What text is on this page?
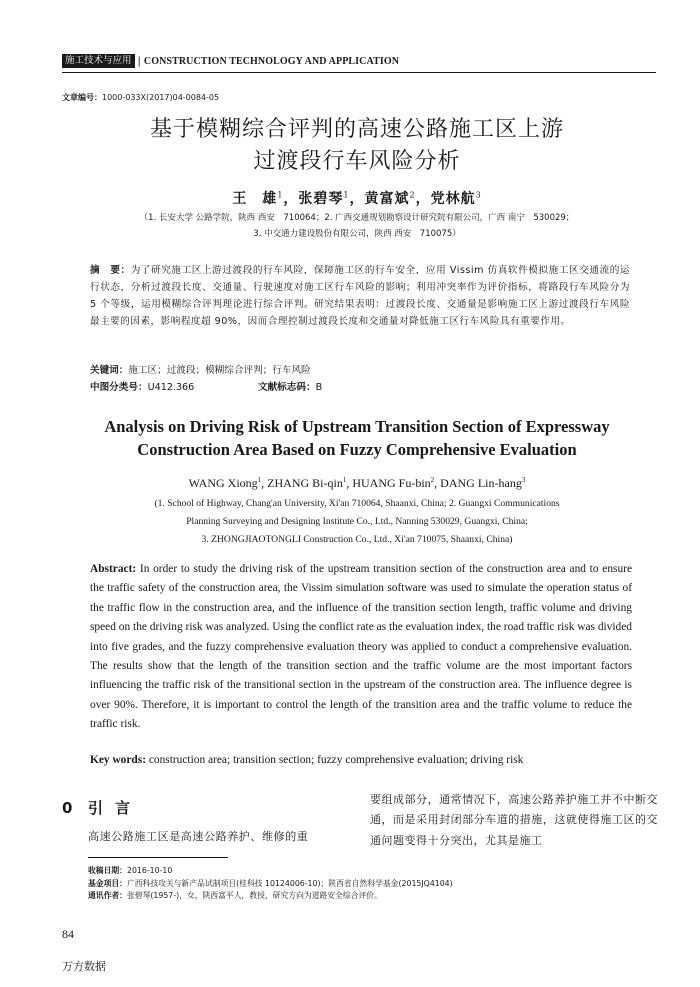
施工技术与应用 | CONSTRUCTION TECHNOLOGY AND APPLICATION
文章编号：1000-033X(2017)04-0084-05
基于模糊综合评判的高速公路施工区上游
过渡段行车风险分析
王　雄$^1$，张碧琴$^1$，黄富斌$^2$，党林航$^3$
（1. 长安大学 公路学院，陕西 西安　710064；2. 广西交通规划勘察设计研究院有限公司，广西 南宁　530029；
3. 中交通力建设股份有限公司，陕西 西安　710075）
摘　要：为了研究施工区上游过渡段的行车风险，保障施工区的行车安全，应用 Vissim 仿真软件模拟施工区交通流的运行状态，分析过渡段长度、交通量、行驶速度对施工区行车风险的影响；利用冲突率作为评价指标，将路段行车风险分为 5 个等级，运用模糊综合评判理论进行综合评判。研究结果表明：过渡段长度、交通量是影响施工区上游过渡段行车风险最主要的因素，影响程度超 90%，因而合理控制过渡段长度和交通量对降低施工区行车风险具有重要作用。
关键词：施工区；过渡段；模糊综合评判；行车风险
中图分类号：U412.366	文献标志码：B
Analysis on Driving Risk of Upstream Transition Section of Expressway
Construction Area Based on Fuzzy Comprehensive Evaluation
WANG Xiong$^1$, ZHANG Bi-qin$^1$, HUANG Fu-bin$^2$, DANG Lin-hang$^3$
(1. School of Highway, Chang'an University, Xi'an 710064, Shaanxi, China; 2. Guangxi Communications
Planning Surveying and Designing Institute Co., Ltd., Nanning 530029, Guangxi, China;
3. ZHONGJIAOTONGLI Construction Co., Ltd., Xi'an 710075, Shaanxi, China)
Abstract: In order to study the driving risk of the upstream transition section of the construction area and to ensure the traffic safety of the construction area, the Vissim simulation software was used to simulate the operation status of the traffic flow in the construction area, and the influence of the transition section length, traffic volume and driving speed on the driving risk was analyzed. Using the conflict rate as the evaluation index, the road traffic risk was divided into five grades, and the fuzzy comprehensive evaluation theory was applied to conduct a comprehensive evaluation. The results show that the length of the transition section and the traffic volume are the most important factors influencing the traffic risk of the transitional section in the upstream of the construction area. The influence degree is over 90%. Therefore, it is important to control the length of the transition area and the traffic volume to reduce the traffic risk.
Key words: construction area; transition section; fuzzy comprehensive evaluation; driving risk
0 引言
高速公路施工区是高速公路养护、维修的重
要组成部分，通常情况下，高速公路养护施工并不中断交通，而是采用封闭部分车道的措施，这就使得施工区的交通问题变得十分突出，尤其是施工
收稿日期：2016-10-10
基金项目：广西科技攻关与新产品试制项目(桂科技 10124006-10)；陕西省自然科学基金(2015JQ4104)
通讯作者：张碧琴(1957-)，女，陕西富平人，教授，研究方向为道路安全综合评价。
84
万方数据
